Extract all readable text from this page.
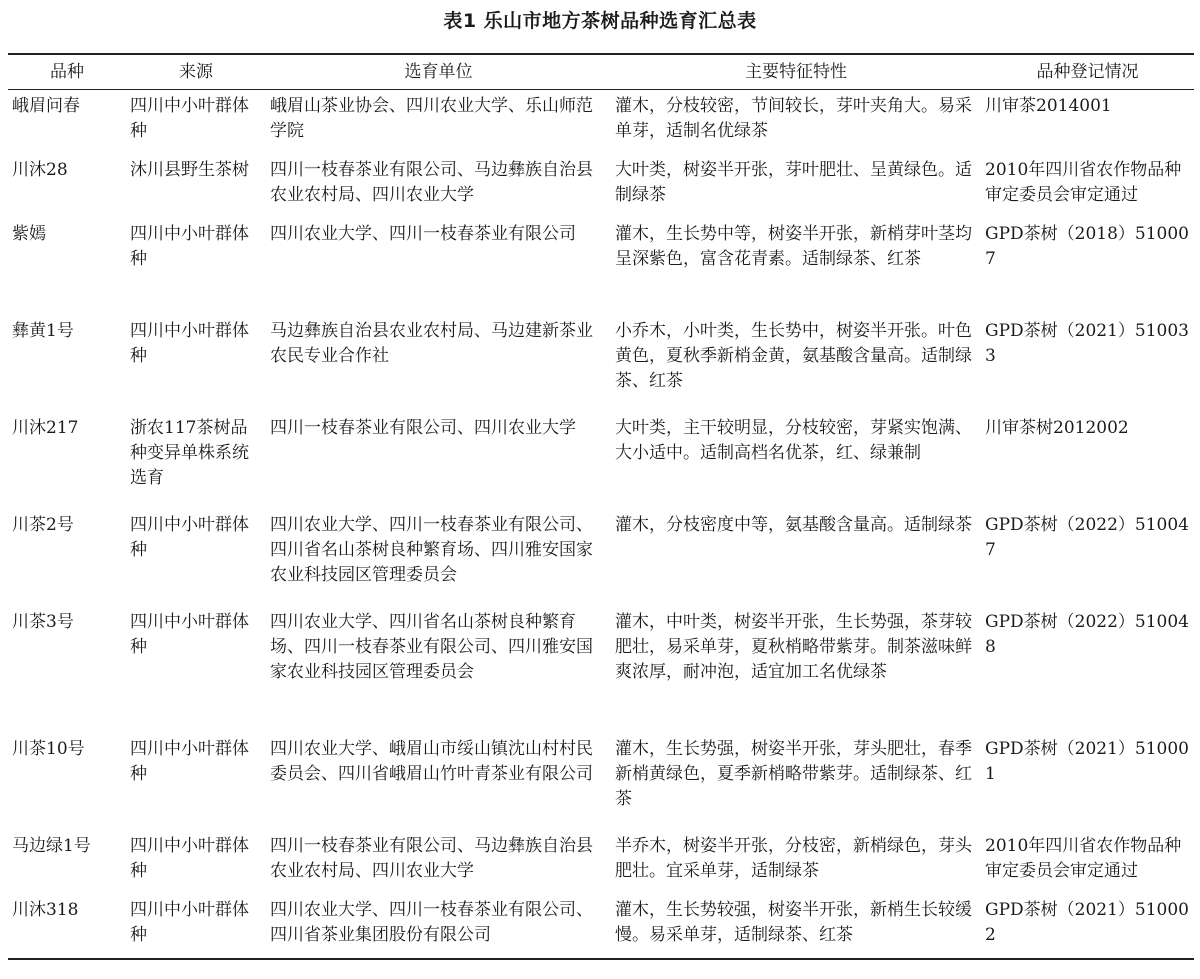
表1 乐山市地方茶树品种选育汇总表
品种	来源	选育单位	主要特征特性	品种登记情况
峨眉问春	四川中小叶群体种	峨眉山茶业协会、四川农业大学、乐山师范学院	灌木，分枝较密，节间较长，芽叶夹角大。易采单芽，适制名优绿茶	川审茶2014001
川沐28	沐川县野生茶树	四川一枝春茶业有限公司、马边彝族自治县农业农村局、四川农业大学	大叶类，树姿半开张，芽叶肥壮、呈黄绿色。适制绿茶	2010年四川省农作物品种审定委员会审定通过
紫嫣	四川中小叶群体种	四川农业大学、四川一枝春茶业有限公司	灌木，生长势中等，树姿半开张，新梢芽叶茎均呈深紫色，富含花青素。适制绿茶、红茶	GPD茶树（2018）510007
彝黄1号	四川中小叶群体种	马边彝族自治县农业农村局、马边建新茶业农民专业合作社	小乔木，小叶类，生长势中，树姿半开张。叶色黄色，夏秋季新梢金黄，氨基酸含量高。适制绿茶、红茶	GPD茶树（2021）510033
川沐217	浙农117茶树品种变异单株系统选育	四川一枝春茶业有限公司、四川农业大学	大叶类，主干较明显，分枝较密，芽紧实饱满、大小适中。适制高档名优茶，红、绿兼制	川审茶树2012002
川茶2号	四川中小叶群体种	四川农业大学、四川一枝春茶业有限公司、四川省名山茶树良种繁育场、四川雅安国家农业科技园区管理委员会	灌木，分枝密度中等，氨基酸含量高。适制绿茶	GPD茶树（2022）510047
川茶3号	四川中小叶群体种	四川农业大学、四川省名山茶树良种繁育场、四川一枝春茶业有限公司、四川雅安国家农业科技园区管理委员会	灌木，中叶类，树姿半开张，生长势强，茶芽较肥壮，易采单芽，夏秋梢略带紫芽。制茶滋味鲜爽浓厚，耐冲泡，适宜加工名优绿茶	GPD茶树（2022）510048
川茶10号	四川中小叶群体种	四川农业大学、峨眉山市绥山镇沈山村村民委员会、四川省峨眉山竹叶青茶业有限公司	灌木，生长势强，树姿半开张，芽头肥壮，春季新梢黄绿色，夏季新梢略带紫芽。适制绿茶、红茶	GPD茶树（2021）510001
马边绿1号	四川中小叶群体种	四川一枝春茶业有限公司、马边彝族自治县农业农村局、四川农业大学	半乔木，树姿半开张，分枝密，新梢绿色，芽头肥壮。宜采单芽，适制绿茶	2010年四川省农作物品种审定委员会审定通过
川沐318	四川中小叶群体种	四川农业大学、四川一枝春茶业有限公司、四川省茶业集团股份有限公司	灌木，生长势较强，树姿半开张，新梢生长较缓慢。易采单芽，适制绿茶、红茶	GPD茶树（2021）510002
